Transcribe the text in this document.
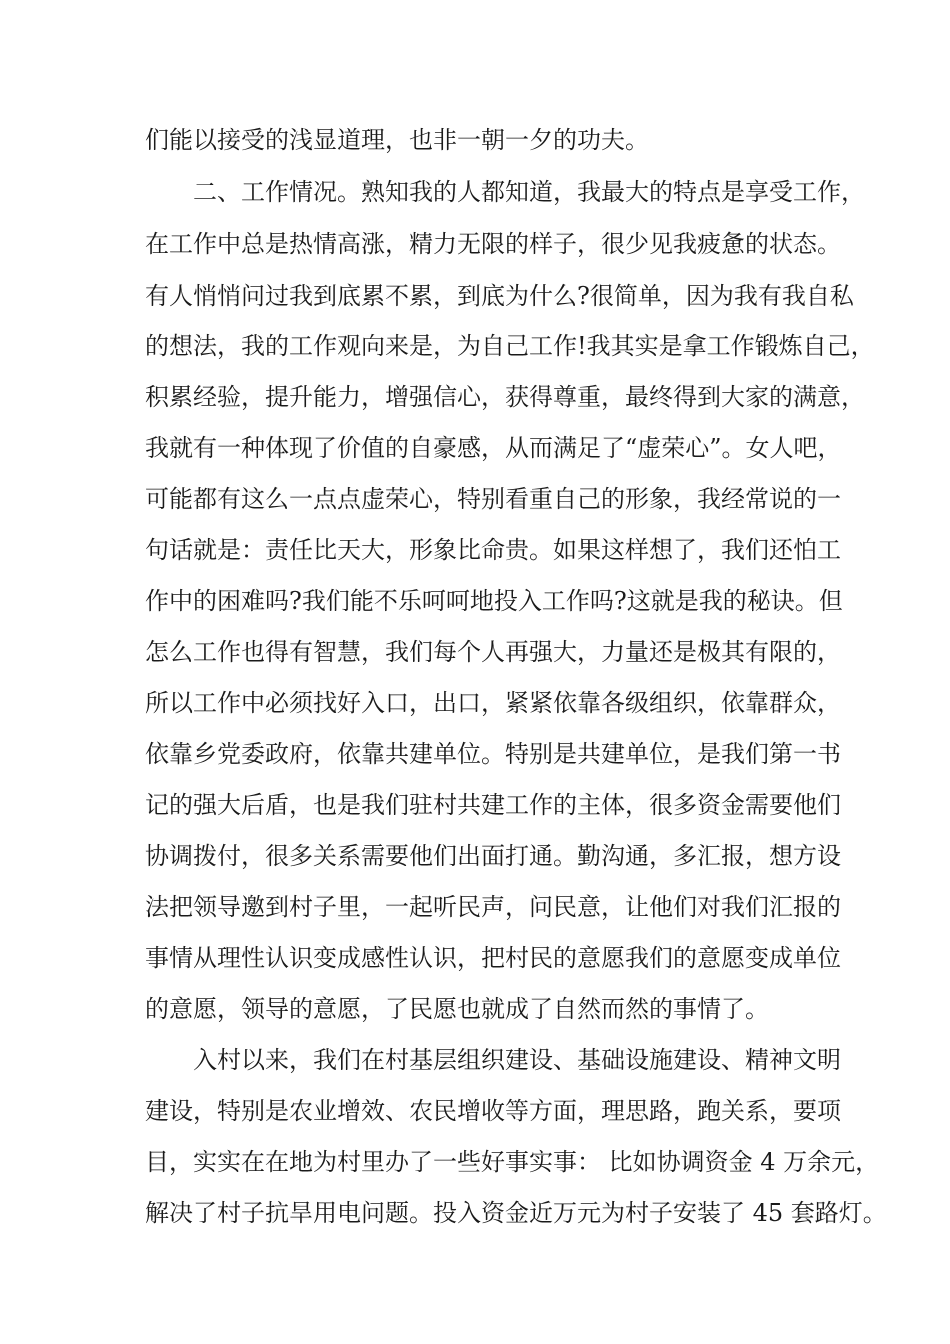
们能以接受的浅显道理，也非一朝一夕的功夫。
二、工作情况。熟知我的人都知道，我最大的特点是享受工作，
在工作中总是热情高涨，精力无限的样子，很少见我疲惫的状态。
有人悄悄问过我到底累不累，到底为什么?很简单，因为我有我自私
的想法，我的工作观向来是，为自己工作!我其实是拿工作锻炼自己，
积累经验，提升能力，增强信心，获得尊重，最终得到大家的满意，
我就有一种体现了价值的自豪感，从而满足了“虚荣心”。女人吧，
可能都有这么一点点虚荣心，特别看重自己的形象，我经常说的一
句话就是：责任比天大，形象比命贵。如果这样想了，我们还怕工
作中的困难吗?我们能不乐呵呵地投入工作吗?这就是我的秘诀。但
怎么工作也得有智慧，我们每个人再强大，力量还是极其有限的，
所以工作中必须找好入口，出口，紧紧依靠各级组织，依靠群众，
依靠乡党委政府，依靠共建单位。特别是共建单位，是我们第一书
记的强大后盾，也是我们驻村共建工作的主体，很多资金需要他们
协调拨付，很多关系需要他们出面打通。勤沟通，多汇报，想方设
法把领导邀到村子里，一起听民声，问民意，让他们对我们汇报的
事情从理性认识变成感性认识，把村民的意愿我们的意愿变成单位
的意愿，领导的意愿，了民愿也就成了自然而然的事情了。
入村以来，我们在村基层组织建设、基础设施建设、精神文明
建设，特别是农业增效、农民增收等方面，理思路，跑关系，要项
目，实实在在地为村里办了一些好事实事： 比如协调资金 4 万余元，
解决了村子抗旱用电问题。投入资金近万元为村子安装了 45 套路灯。
